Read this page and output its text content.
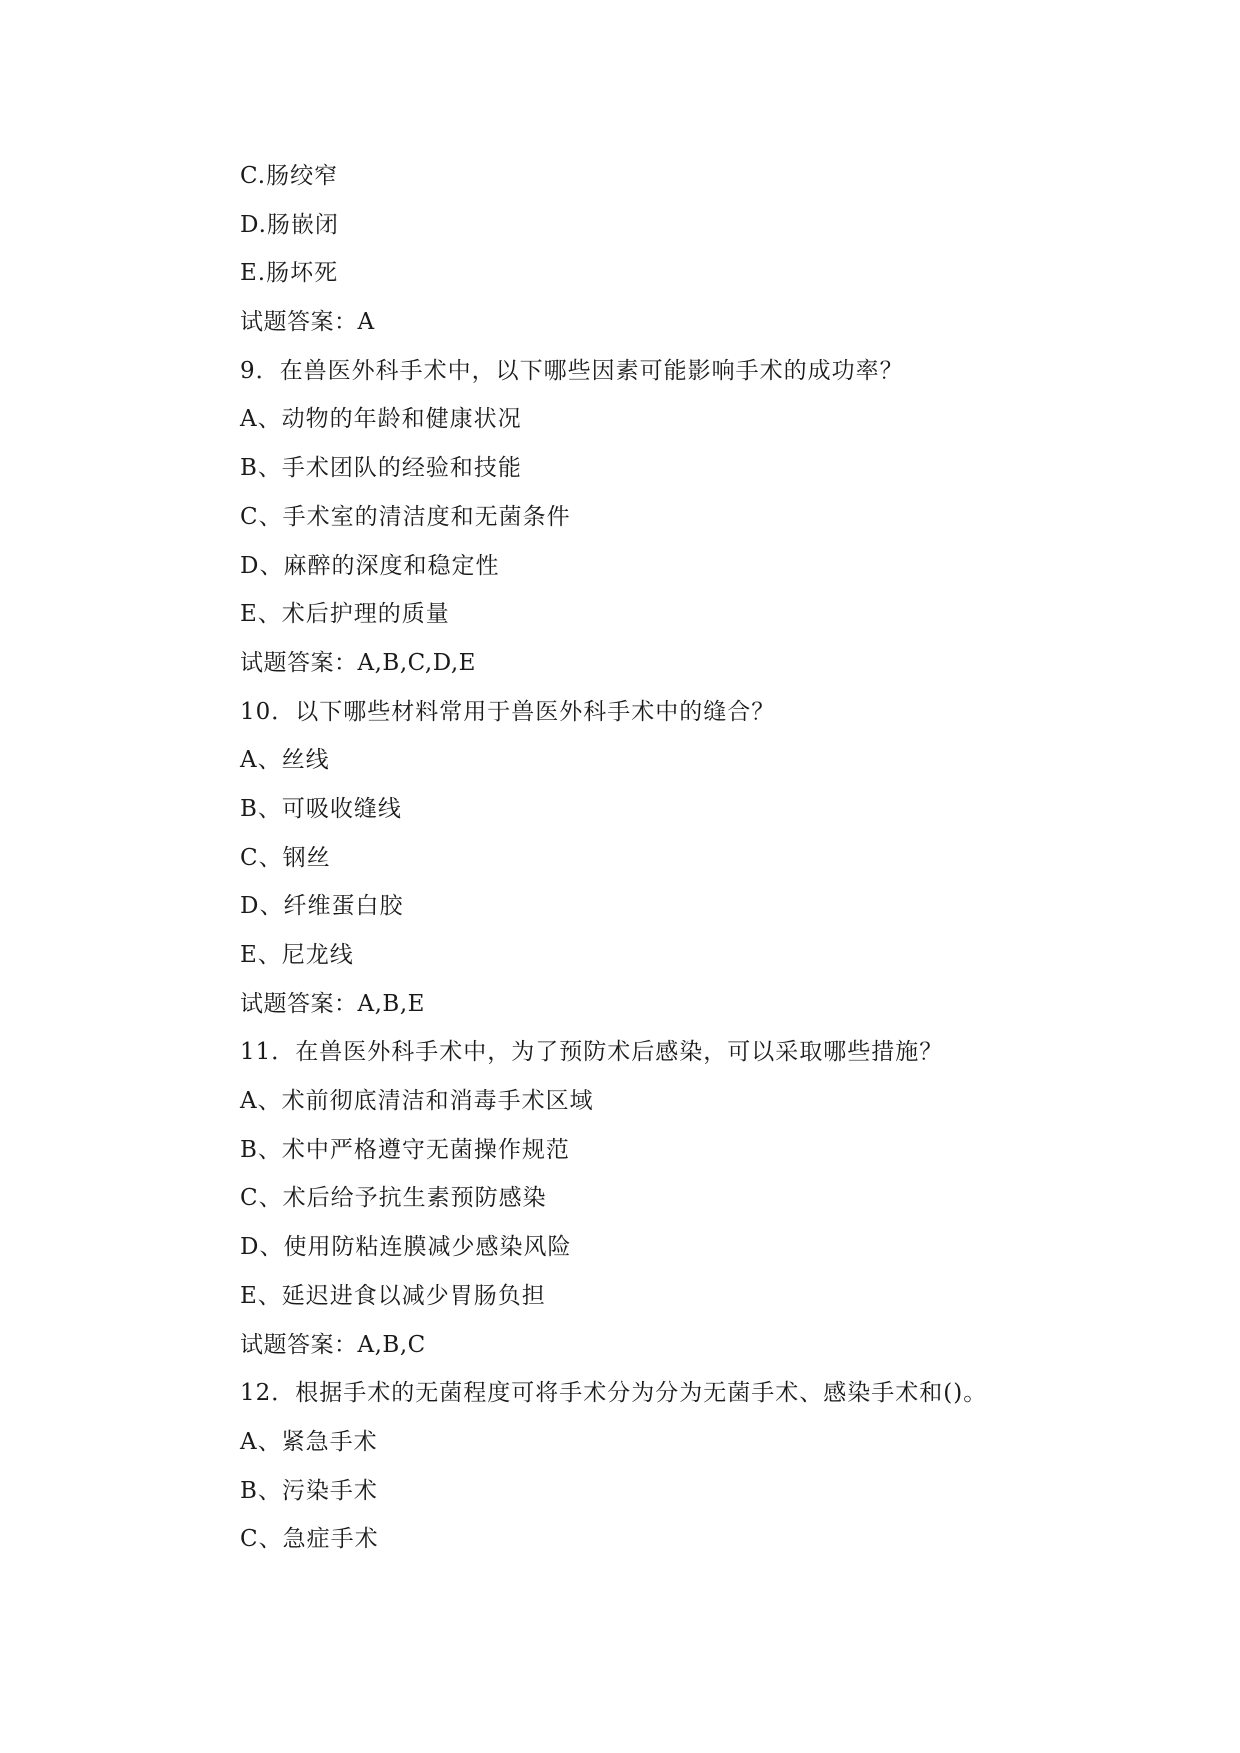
C.肠绞窄
D.肠嵌闭
E.肠坏死
试题答案：A
9．在兽医外科手术中，以下哪些因素可能影响手术的成功率？
A、动物的年龄和健康状况
B、手术团队的经验和技能
C、手术室的清洁度和无菌条件
D、麻醉的深度和稳定性
E、术后护理的质量
试题答案：A,B,C,D,E
10．以下哪些材料常用于兽医外科手术中的缝合？
A、丝线
B、可吸收缝线
C、钢丝
D、纤维蛋白胶
E、尼龙线
试题答案：A,B,E
11．在兽医外科手术中，为了预防术后感染，可以采取哪些措施？
A、术前彻底清洁和消毒手术区域
B、术中严格遵守无菌操作规范
C、术后给予抗生素预防感染
D、使用防粘连膜减少感染风险
E、延迟进食以减少胃肠负担
试题答案：A,B,C
12．根据手术的无菌程度可将手术分为分为无菌手术、感染手术和()。
A、紧急手术
B、污染手术
C、急症手术
